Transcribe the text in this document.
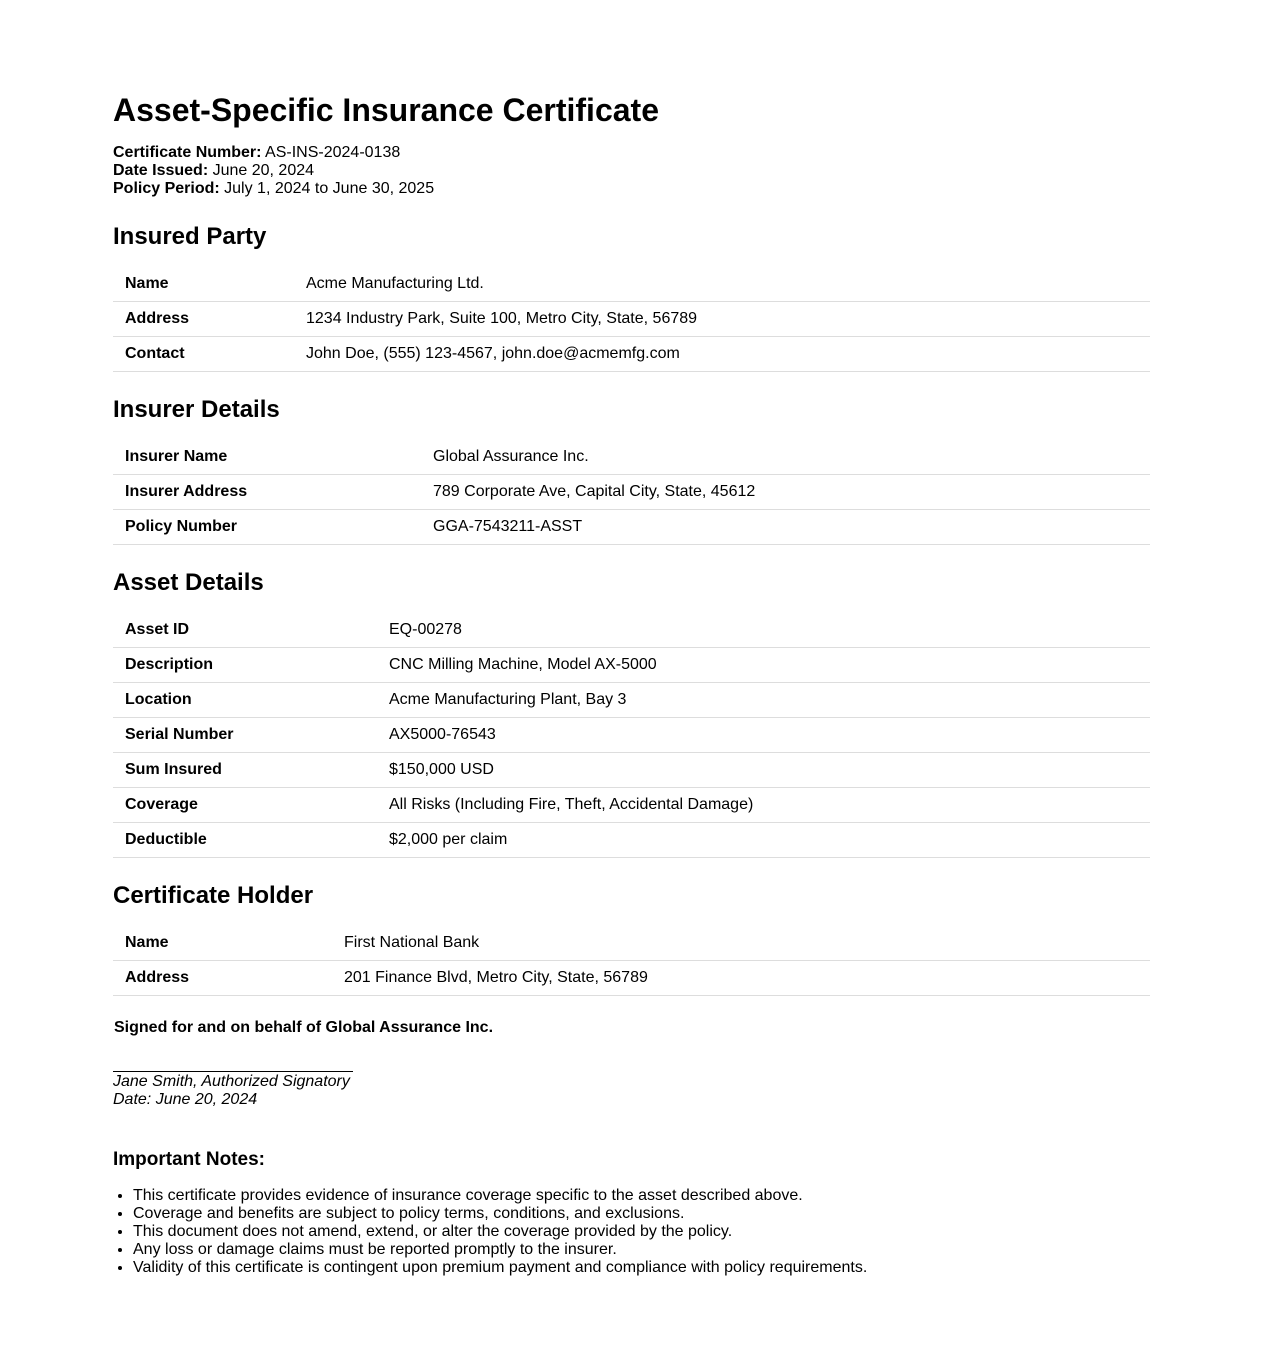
Asset-Specific Insurance Certificate
Certificate Number: AS-INS-2024-0138
Date Issued: June 20, 2024
Policy Period: July 1, 2024 to June 30, 2025
Insured Party
Name	Acme Manufacturing Ltd.
Address	1234 Industry Park, Suite 100, Metro City, State, 56789
Contact	John Doe, (555) 123-4567, john.doe@acmemfg.com
Insurer Details
Insurer Name	Global Assurance Inc.
Insurer Address	789 Corporate Ave, Capital City, State, 45612
Policy Number	GGA-7543211-ASST
Asset Details
Asset ID	EQ-00278
Description	CNC Milling Machine, Model AX-5000
Location	Acme Manufacturing Plant, Bay 3
Serial Number	AX5000-76543
Sum Insured	$150,000 USD
Coverage	All Risks (Including Fire, Theft, Accidental Damage)
Deductible	$2,000 per claim
Certificate Holder
Name	First National Bank
Address	201 Finance Blvd, Metro City, State, 56789
Signed for and on behalf of Global Assurance Inc.
Jane Smith, Authorized Signatory
Date: June 20, 2024
Important Notes:
• This certificate provides evidence of insurance coverage specific to the asset described above.
• Coverage and benefits are subject to policy terms, conditions, and exclusions.
• This document does not amend, extend, or alter the coverage provided by the policy.
• Any loss or damage claims must be reported promptly to the insurer.
• Validity of this certificate is contingent upon premium payment and compliance with policy requirements.
